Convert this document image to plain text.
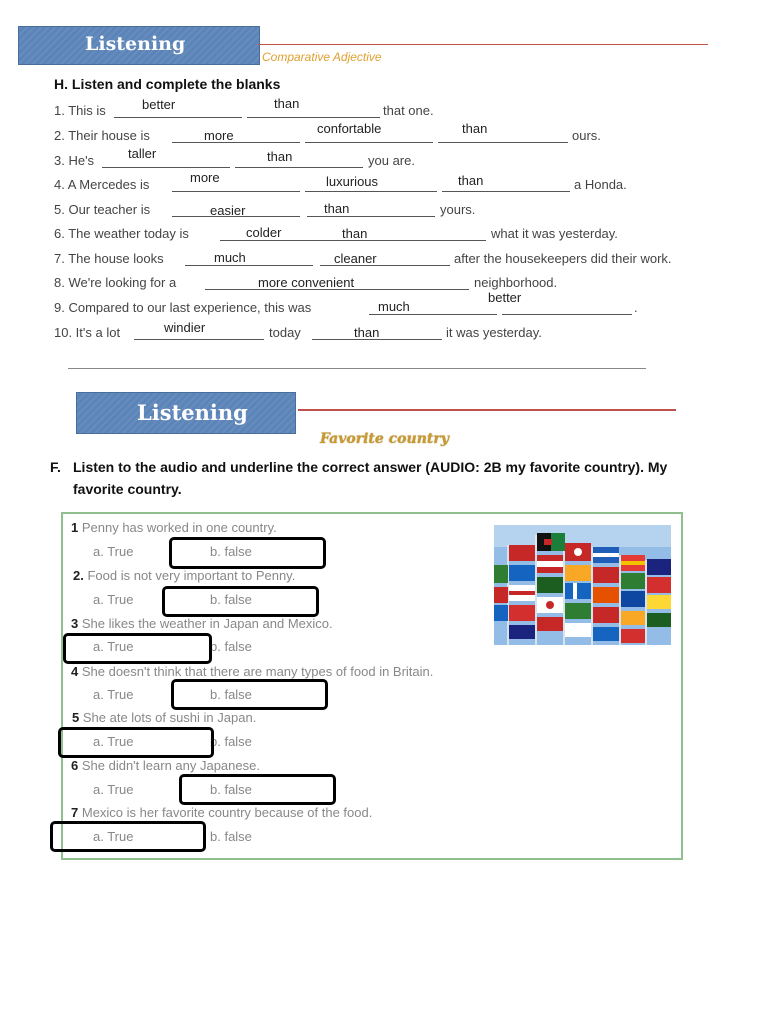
Listening
Comparative Adjective
H. Listen and complete the blanks
1. This is	that one.
better	than
2. Their house is	ours.
more	confortable	than
3. He's	you are.
taller	than
4. A Mercedes is	a Honda.
more	luxurious	than
5. Our teacher is	yours.
easier	than
6. The weather today is	what it was yesterday.
colder	than
7. The house looks	after the housekeepers did their work.
much	cleaner
8. We're looking for a	neighborhood.
more convenient
9. Compared to our last experience, this was	.
much
better
10. It's a lot	today	it was yesterday.
windier	than
Listening
Favorite country
F. Listen to the audio and underline the correct answer (AUDIO: 2B my favorite country). My favorite country.
1 Penny has worked in one country.
a. True	b. false
2. Food is not very important to Penny.
a. True	b. false
3 She likes the weather in Japan and Mexico.
a. True	b. false
4 She doesn't think that there are many types of food in Britain.
a. True	b. false
5 She ate lots of sushi in Japan.
a. True	b. false
6 She didn't learn any Japanese.
a. True	b. false
7 Mexico is her favorite country because of the food.
a. True	b. false
